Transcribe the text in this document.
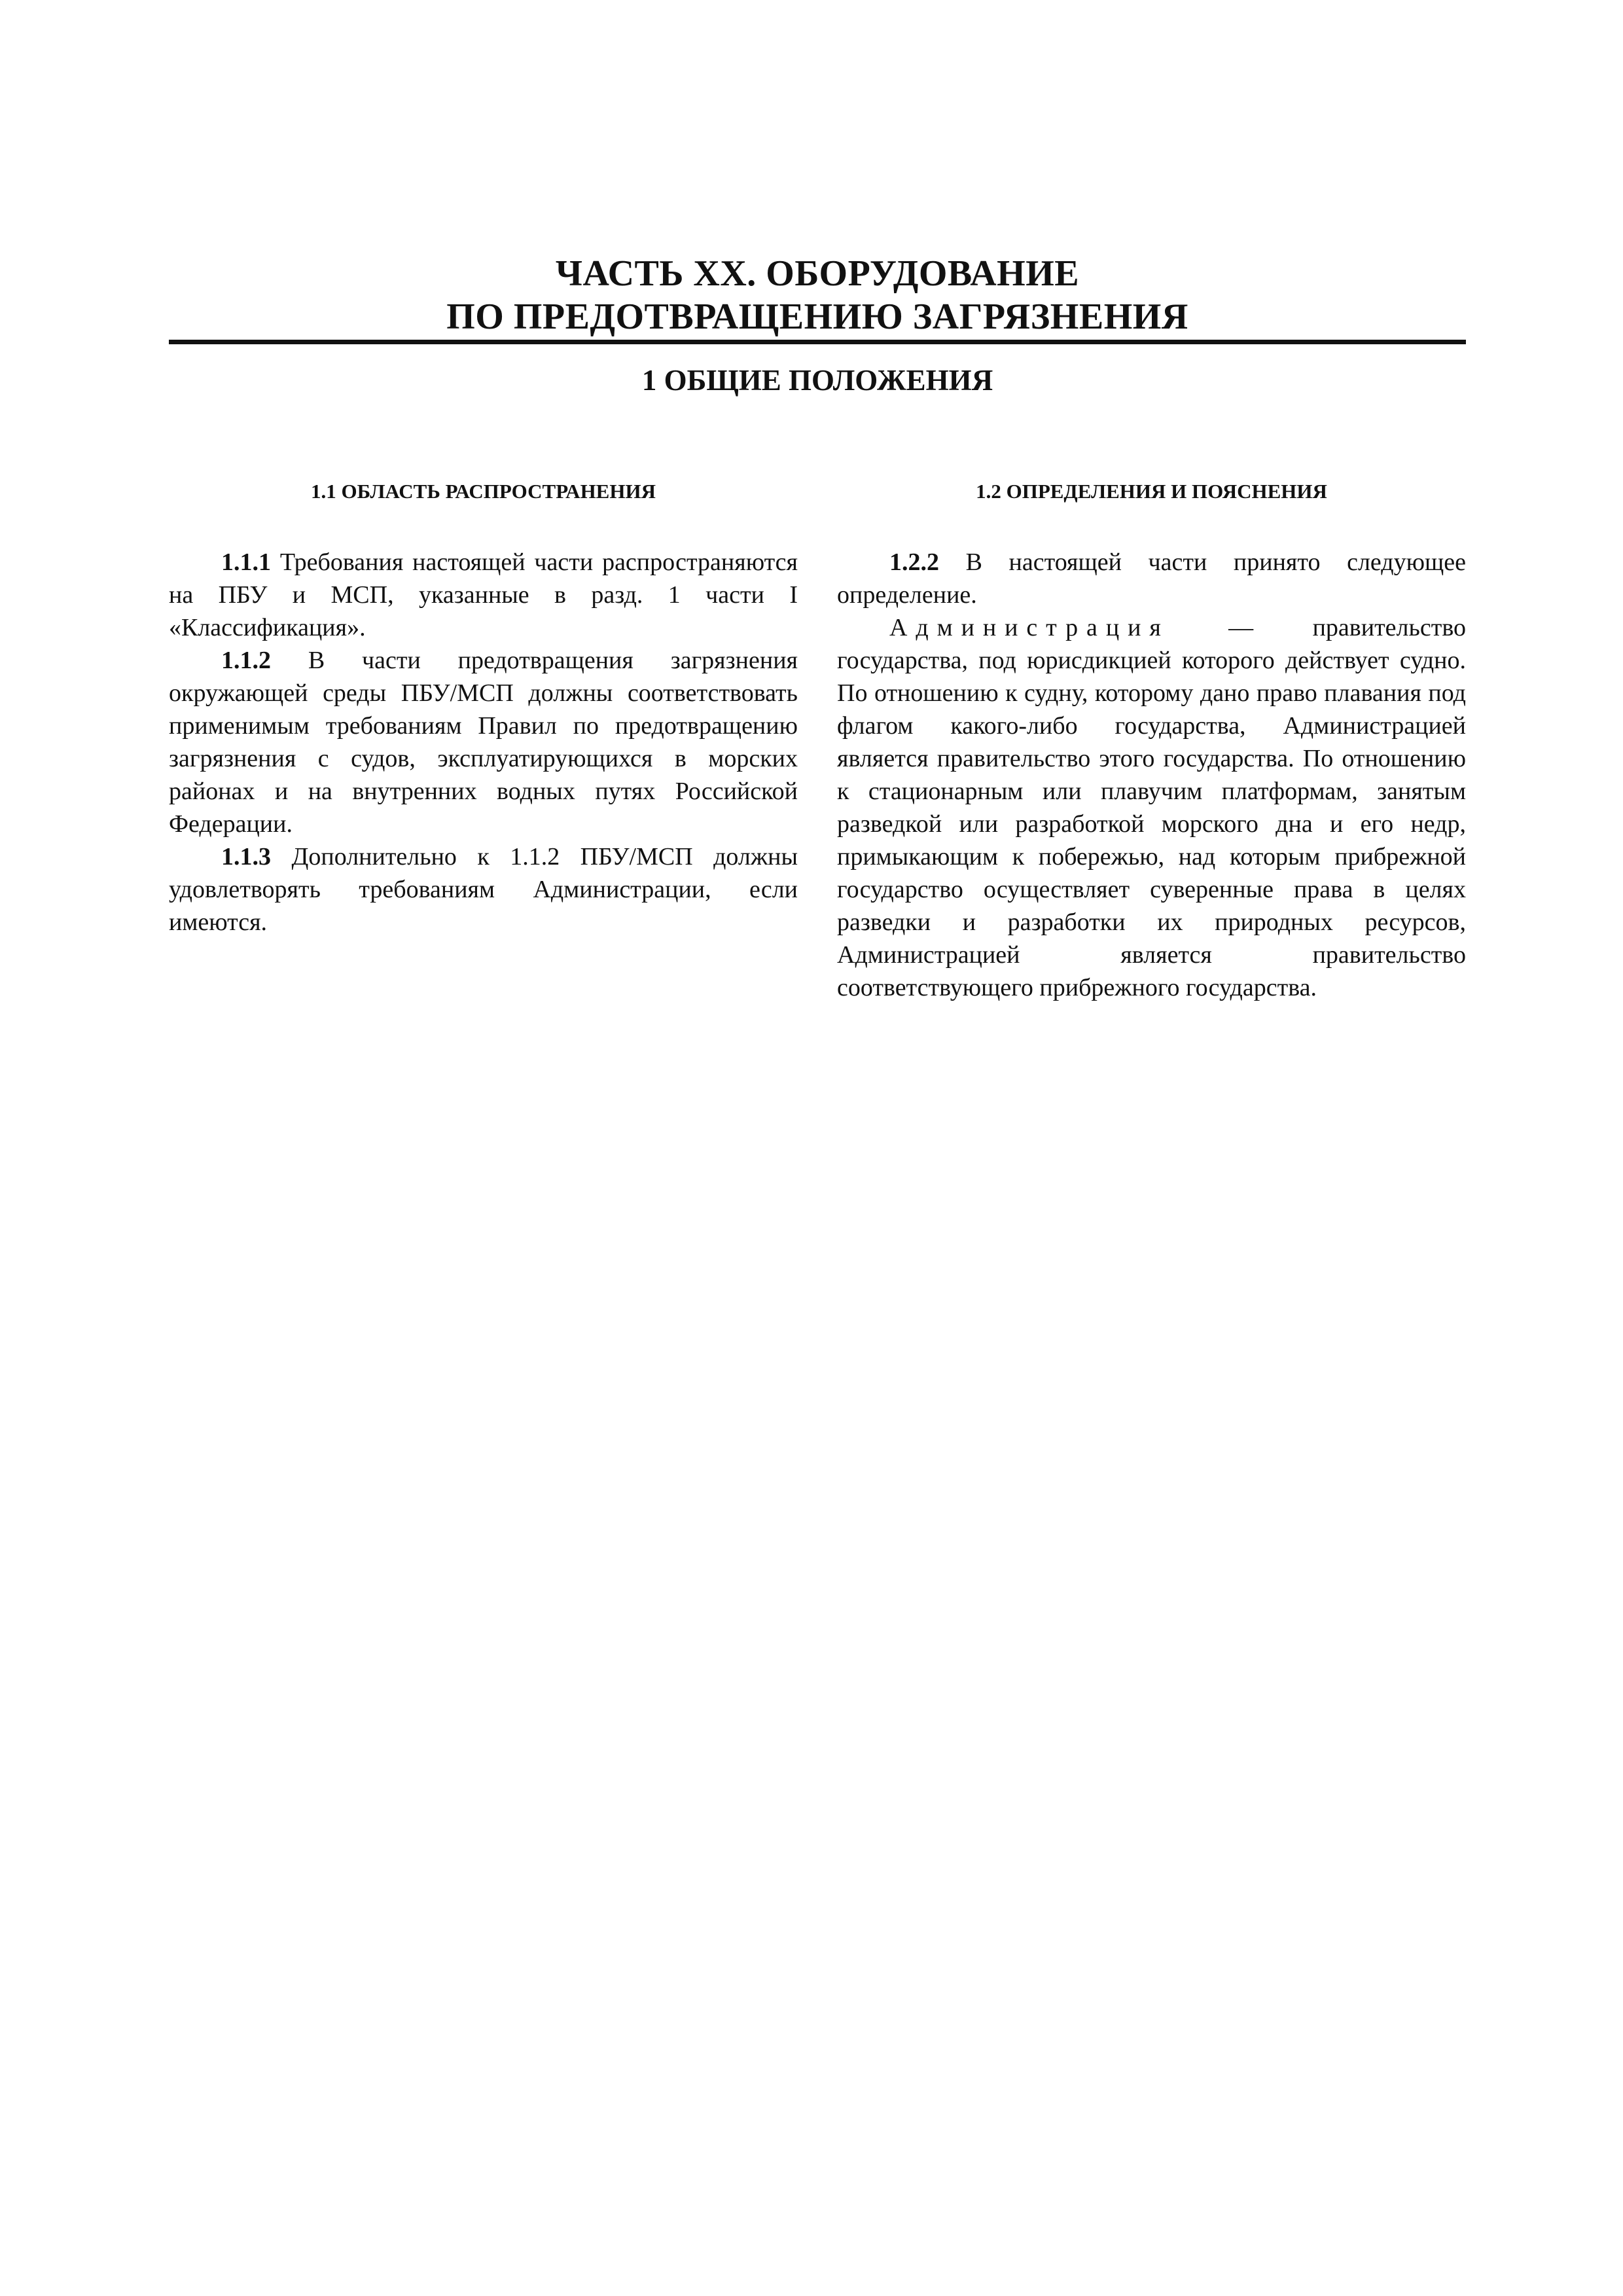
ЧАСТЬ XX. ОБОРУДОВАНИЕ
ПО ПРЕДОТВРАЩЕНИЮ ЗАГРЯЗНЕНИЯ
1 ОБЩИЕ ПОЛОЖЕНИЯ
1.1 ОБЛАСТЬ РАСПРОСТРАНЕНИЯ

1.1.1 Требования настоящей части распространяются на ПБУ и МСП, указанные в разд. 1 части I «Классификация».

1.1.2 В части предотвращения загрязнения окружающей среды ПБУ/МСП должны соответствовать применимым требованиям Правил по предотвращению загрязнения с судов, эксплуатирующихся в морских районах и на внутренних водных путях Российской Федерации.

1.1.3 Дополнительно к 1.1.2 ПБУ/МСП должны удовлетворять требованиям Администрации, если имеются.

1.2 ОПРЕДЕЛЕНИЯ И ПОЯСНЕНИЯ

1.2.2 В настоящей части принято следующее определение.

Администрация — правительство государства, под юрисдикцией которого действует судно. По отношению к судну, которому дано право плавания под флагом какого-либо государства, Администрацией является правительство этого государства. По отношению к стационарным или плавучим платформам, занятым разведкой или разработкой морского дна и его недр, примыкающим к побережью, над которым прибрежной государство осуществляет суверенные права в целях разведки и разработки их природных ресурсов, Администрацией является правительство соответствующего прибрежного государства.
